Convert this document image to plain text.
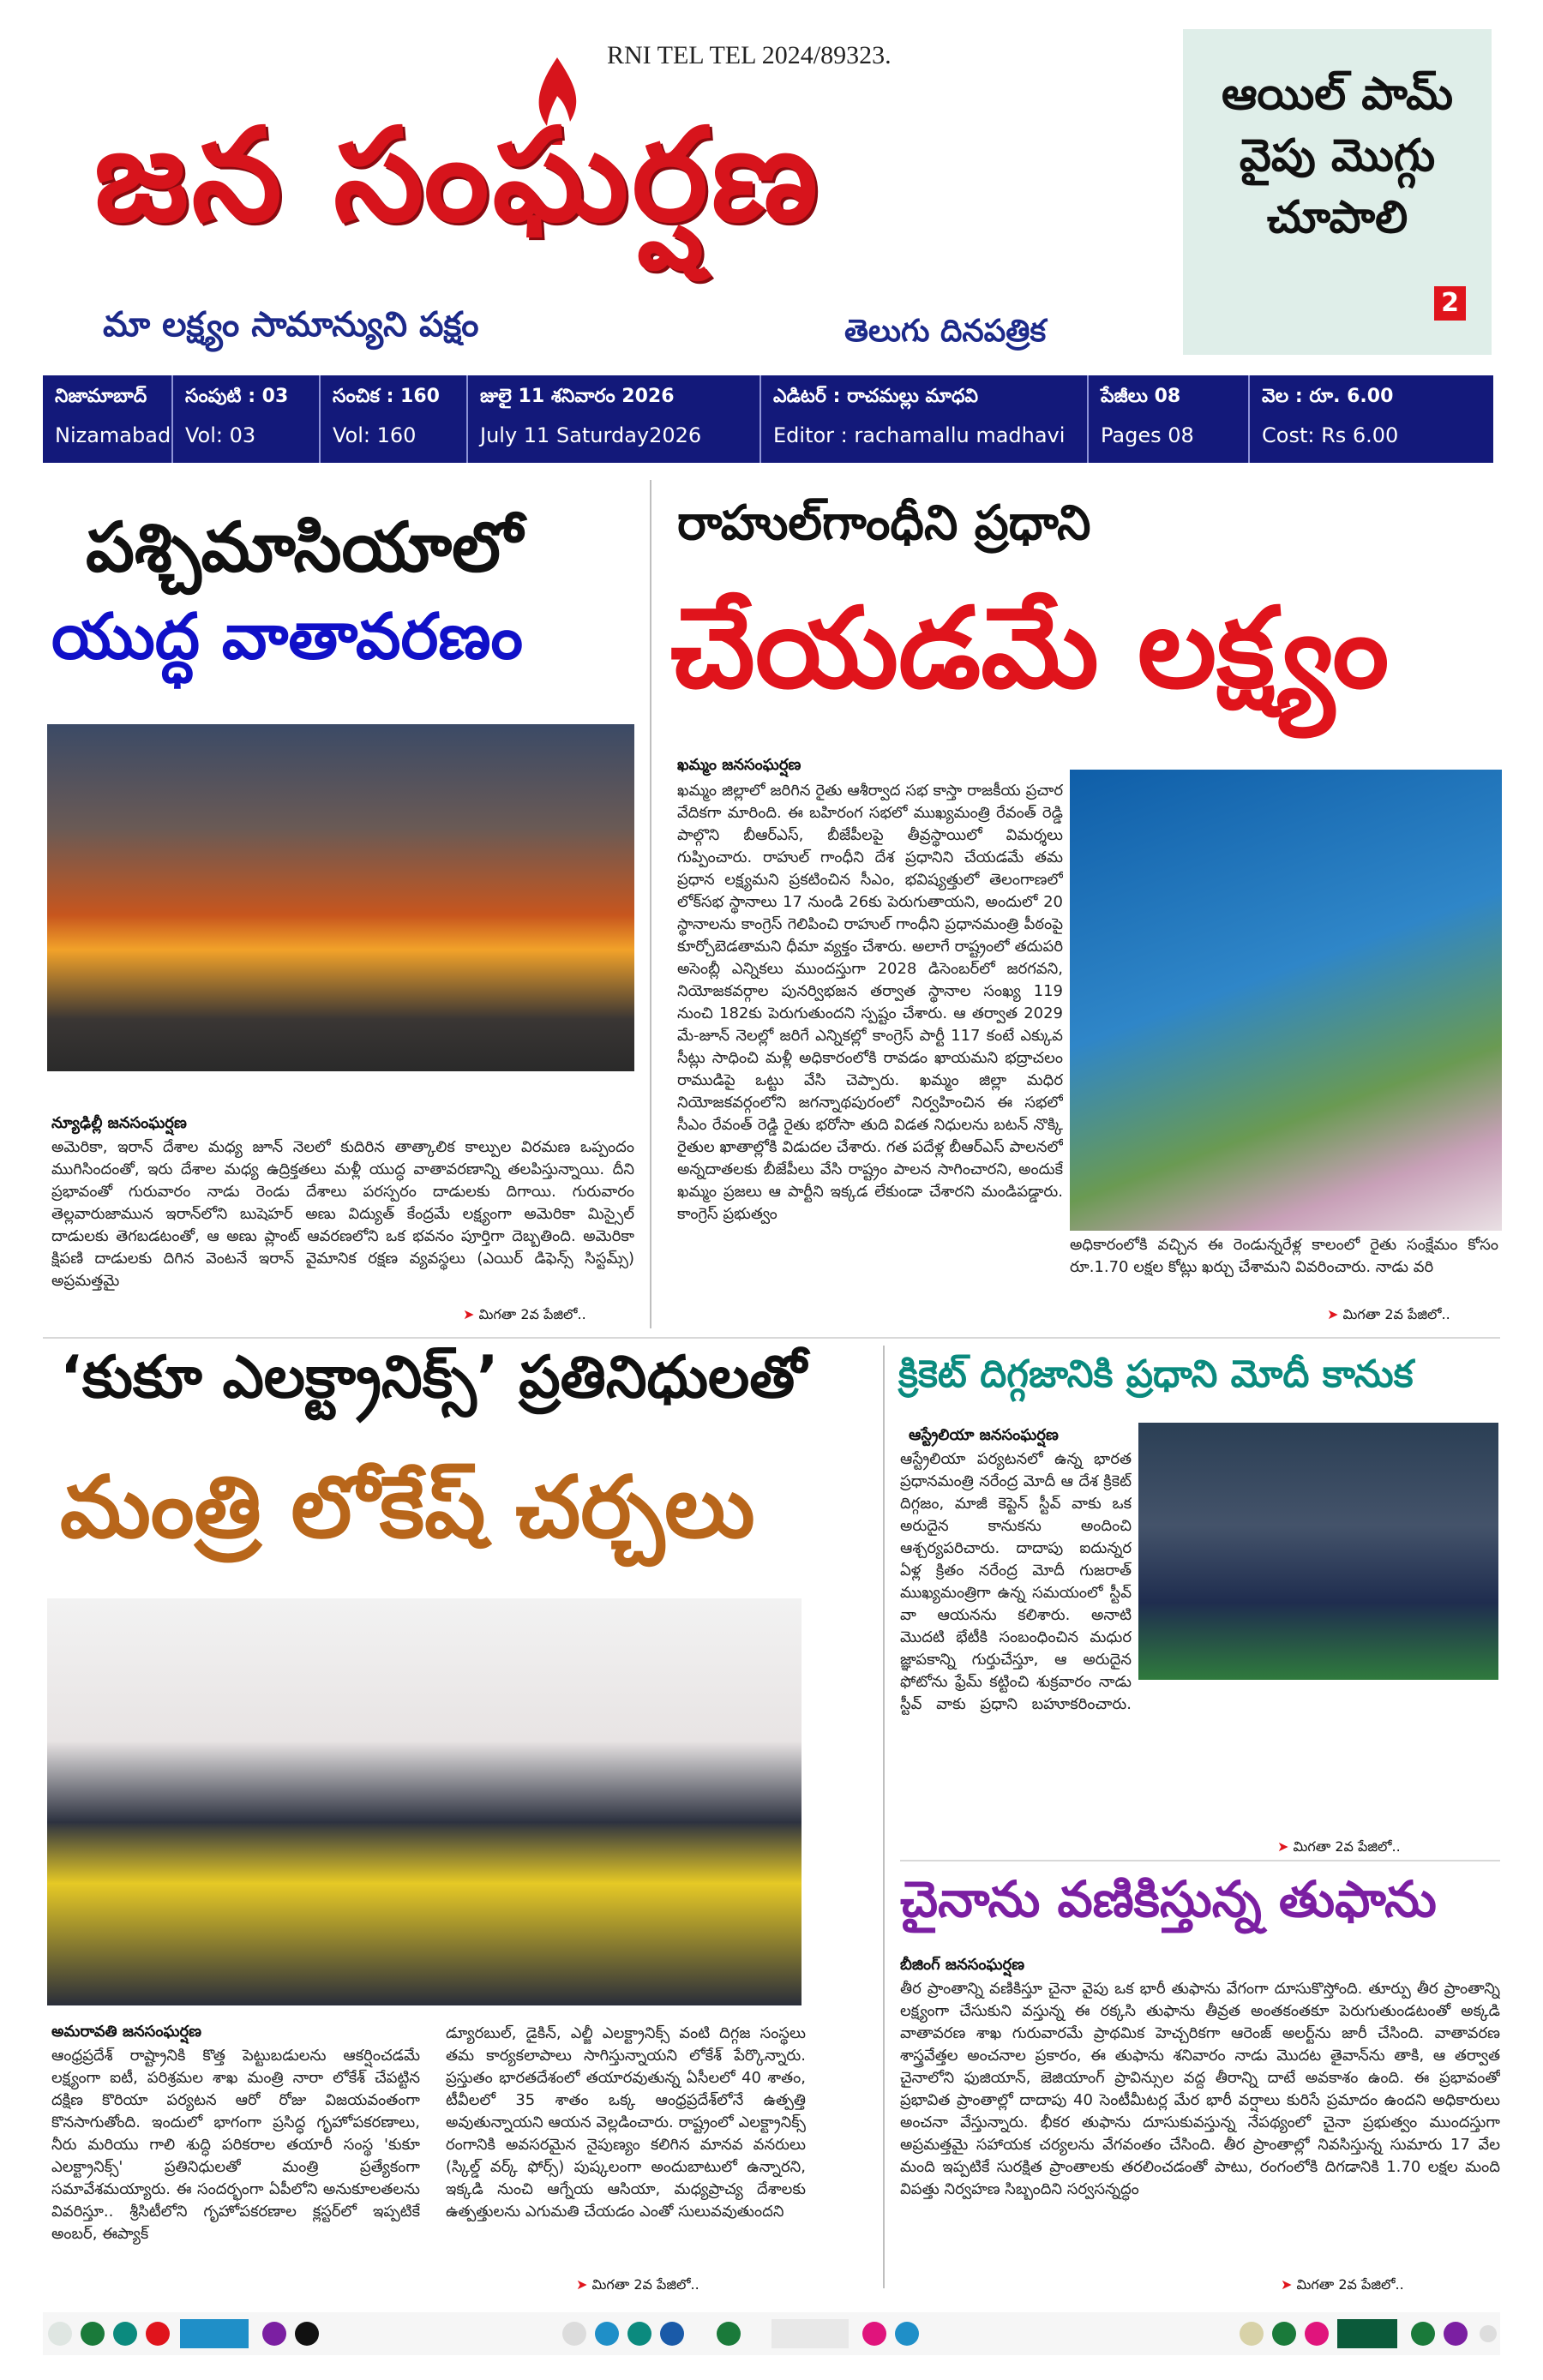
RNI TEL TEL 2024/89323.
జన సంఘర్షణ
మా లక్ష్యం సామాన్యుని పక్షం	తెలుగు దినపత్రిక
ఆయిల్ పామ్ వైపు మొగ్గు చూపాలి
2
నిజామాబాద్
Nizamabad
సంపుటి : 03
Vol: 03
సంచిక : 160
Vol: 160
జులై 11 శనివారం 2026
July 11 Saturday2026
ఎడిటర్ : రాచమల్లు మాధవి
Editor : rachamallu madhavi
పేజీలు 08
Pages 08
వెల : రూ. 6.00
Cost: Rs 6.00
పశ్చిమాసియాలో
యుద్ధ వాతావరణం
న్యూఢిల్లీ జనసంఘర్షణ
అమెరికా, ఇరాన్ దేశాల మధ్య జూన్ నెలలో కుదిరిన తాత్కాలిక కాల్పుల విరమణ ఒప్పందం ముగిసిందంతో, ఇరు దేశాల మధ్య ఉద్రిక్తతలు మళ్లీ యుద్ధ వాతావరణాన్ని తలపిస్తున్నాయి. దీని ప్రభావంతో గురువారం నాడు రెండు దేశాలు పరస్పరం దాడులకు దిగాయి. గురువారం తెల్లవారుజామున ఇరాన్‌లోని బుషెహర్ అణు విద్యుత్ కేంద్రమే లక్ష్యంగా అమెరికా మిస్సైల్ దాడులకు తెగబడటంతో, ఆ అణు ప్లాంట్ ఆవరణలోని ఒక భవనం పూర్తిగా దెబ్బతింది. అమెరికా క్షిపణి దాడులకు దిగిన వెంటనే ఇరాన్ వైమానిక రక్షణ వ్యవస్థలు (ఎయిర్ డిఫెన్స్ సిస్టమ్స్) అప్రమత్తమై
➤ మిగతా 2వ పేజిలో..
రాహుల్‌గాంధీని ప్రధాని
చేయడమే లక్ష్యం
ఖమ్మం జనసంఘర్షణ
ఖమ్మం జిల్లాలో జరిగిన రైతు ఆశీర్వాద సభ కాస్తా రాజకీయ ప్రచార వేదికగా మారింది. ఈ బహిరంగ సభలో ముఖ్యమంత్రి రేవంత్ రెడ్డి పాల్గొని బీఆర్‌ఎస్, బీజేపీలపై తీవ్రస్థాయిలో విమర్శలు గుప్పించారు. రాహుల్ గాంధీని దేశ ప్రధానిని చేయడమే తమ ప్రధాన లక్ష్యమని ప్రకటించిన సీఎం, భవిష్యత్తులో తెలంగాణలో లోక్‌సభ స్థానాలు 17 నుండి 26కు పెరుగుతాయని, అందులో 20 స్థానాలను కాంగ్రెస్ గెలిపించి రాహుల్ గాంధీని ప్రధానమంత్రి పీఠంపై కూర్చోబెడతామని ధీమా వ్యక్తం చేశారు. అలాగే రాష్ట్రంలో తదుపరి అసెంబ్లీ ఎన్నికలు ముందస్తుగా 2028 డిసెంబర్‌లో జరగవని, నియోజకవర్గాల పునర్విభజన తర్వాత స్థానాల సంఖ్య 119 నుంచి 182కు పెరుగుతుందని స్పష్టం చేశారు. ఆ తర్వాత 2029 మే-జూన్ నెలల్లో జరిగే ఎన్నికల్లో కాంగ్రెస్ పార్టీ 117 కంటే ఎక్కువ సీట్లు సాధించి మళ్లీ అధికారంలోకి రావడం ఖాయమని భద్రాచలం రాముడిపై ఒట్టు వేసి చెప్పారు. ఖమ్మం జిల్లా మధిర నియోజకవర్గంలోని జగన్నాథపురంలో నిర్వహించిన ఈ సభలో సీఎం రేవంత్ రెడ్డి రైతు భరోసా తుది విడత నిధులను బటన్ నొక్కి రైతుల ఖాతాల్లోకి విడుదల చేశారు. గత పదేళ్ల బీఆర్‌ఎస్ పాలనలో అన్నదాతలకు బీజేపీలు వేసి రాష్ట్రం పాలన సాగించారని, అందుకే ఖమ్మం ప్రజలు ఆ పార్టీని ఇక్కడ లేకుండా చేశారని మండిపడ్డారు. కాంగ్రెస్ ప్రభుత్వం
అధికారంలోకి వచ్చిన ఈ రెండున్నరేళ్ల కాలంలో రైతు సంక్షేమం కోసం రూ.1.70 లక్షల కోట్లు ఖర్చు చేశామని వివరించారు. నాడు వరి
➤ మిగతా 2వ పేజిలో..
‘కుకూ ఎలక్ట్రానిక్స్’ ప్రతినిధులతో
మంత్రి లోకేష్ చర్చలు
అమరావతి జనసంఘర్షణ
ఆంధ్రప్రదేశ్ రాష్ట్రానికి కొత్త పెట్టుబడులను ఆకర్షించడమే లక్ష్యంగా ఐటీ, పరిశ్రమల శాఖ మంత్రి నారా లోకేశ్ చేపట్టిన దక్షిణ కొరియా పర్యటన ఆరో రోజు విజయవంతంగా కొనసాగుతోంది. ఇందులో భాగంగా ప్రసిద్ధ గృహోపకరణాలు, నీరు మరియు గాలి శుద్ధి పరికరాల తయారీ సంస్థ 'కుకూ ఎలక్ట్రానిక్స్' ప్రతినిధులతో మంత్రి ప్రత్యేకంగా సమావేశమయ్యారు. ఈ సందర్భంగా ఏపీలోని అనుకూలతలను వివరిస్తూ.. శ్రీసిటీలోని గృహోపకరణాల క్లస్టర్‌లో ఇప్పటికే అంబర్, ఈప్యాక్
డ్యూరబుల్, డైకిన్, ఎల్జీ ఎలక్ట్రానిక్స్ వంటి దిగ్గజ సంస్థలు తమ కార్యకలాపాలు సాగిస్తున్నాయని లోకేశ్ పేర్కొన్నారు. ప్రస్తుతం భారతదేశంలో తయారవుతున్న ఏసీలలో 40 శాతం, టీవీలలో 35 శాతం ఒక్క ఆంధ్రప్రదేశ్‌లోనే ఉత్పత్తి అవుతున్నాయని ఆయన వెల్లడించారు. రాష్ట్రంలో ఎలక్ట్రానిక్స్ రంగానికి అవసరమైన నైపుణ్యం కలిగిన మానవ వనరులు (స్కిల్డ్ వర్క్ ఫోర్స్) పుష్కలంగా అందుబాటులో ఉన్నారని, ఇక్కడి నుంచి ఆగ్నేయ ఆసియా, మధ్యప్రాచ్య దేశాలకు ఉత్పత్తులను ఎగుమతి చేయడం ఎంతో సులువవుతుందని
➤ మిగతా 2వ పేజిలో..
క్రికెట్ దిగ్గజానికి ప్రధాని మోదీ కానుక
ఆస్ట్రేలియా జనసంఘర్షణ
ఆస్ట్రేలియా పర్యటనలో ఉన్న భారత ప్రధానమంత్రి నరేంద్ర మోదీ ఆ దేశ క్రికెట్ దిగ్గజం, మాజీ కెప్టెన్ స్టీవ్ వాకు ఒక అరుదైన కానుకను అందించి ఆశ్చర్యపరిచారు. దాదాపు ఐదున్నర ఏళ్ల క్రితం నరేంద్ర మోదీ గుజరాత్ ముఖ్యమంత్రిగా ఉన్న సమయంలో స్టీవ్ వా ఆయనను కలిశారు. అనాటి మొదటి భేటీకి సంబంధించిన మధుర జ్ఞాపకాన్ని గుర్తుచేస్తూ, ఆ అరుదైన ఫోటోను ఫ్రేమ్ కట్టించి శుక్రవారం నాడు స్టీవ్ వాకు ప్రధాని బహూకరించారు.
➤ మిగతా 2వ పేజిలో..
చైనాను వణికిస్తున్న తుఫాను
బీజింగ్ జనసంఘర్షణ
తీర ప్రాంతాన్ని వణికిస్తూ చైనా వైపు ఒక భారీ తుఫాను వేగంగా దూసుకొస్తోంది. తూర్పు తీర ప్రాంతాన్ని లక్ష్యంగా చేసుకుని వస్తున్న ఈ రక్కసి తుఫాను తీవ్రత అంతకంతకూ పెరుగుతుండటంతో అక్కడి వాతావరణ శాఖ గురువారమే ప్రాథమిక హెచ్చరికగా ఆరెంజ్ అలర్ట్‌ను జారీ చేసింది. వాతావరణ శాస్త్రవేత్తల అంచనాల ప్రకారం, ఈ తుఫాను శనివారం నాడు మొదట తైవాన్‌ను తాకి, ఆ తర్వాత చైనాలోని ఫుజియాన్, జెజియాంగ్ ప్రావిన్సుల వద్ద తీరాన్ని దాటే అవకాశం ఉంది. ఈ ప్రభావంతో ప్రభావిత ప్రాంతాల్లో దాదాపు 40 సెంటీమీటర్ల మేర భారీ వర్షాలు కురిసే ప్రమాదం ఉందని అధికారులు అంచనా వేస్తున్నారు. భీకర తుఫాను దూసుకువస్తున్న నేపథ్యంలో చైనా ప్రభుత్వం ముందస్తుగా అప్రమత్తమై సహాయక చర్యలను వేగవంతం చేసింది. తీర ప్రాంతాల్లో నివసిస్తున్న సుమారు 17 వేల మంది ఇప్పటికే సురక్షిత ప్రాంతాలకు తరలించడంతో పాటు, రంగంలోకి దిగడానికి 1.70 లక్షల మంది విపత్తు నిర్వహణ సిబ్బందిని సర్వసన్నద్ధం
➤ మిగతా 2వ పేజిలో..
